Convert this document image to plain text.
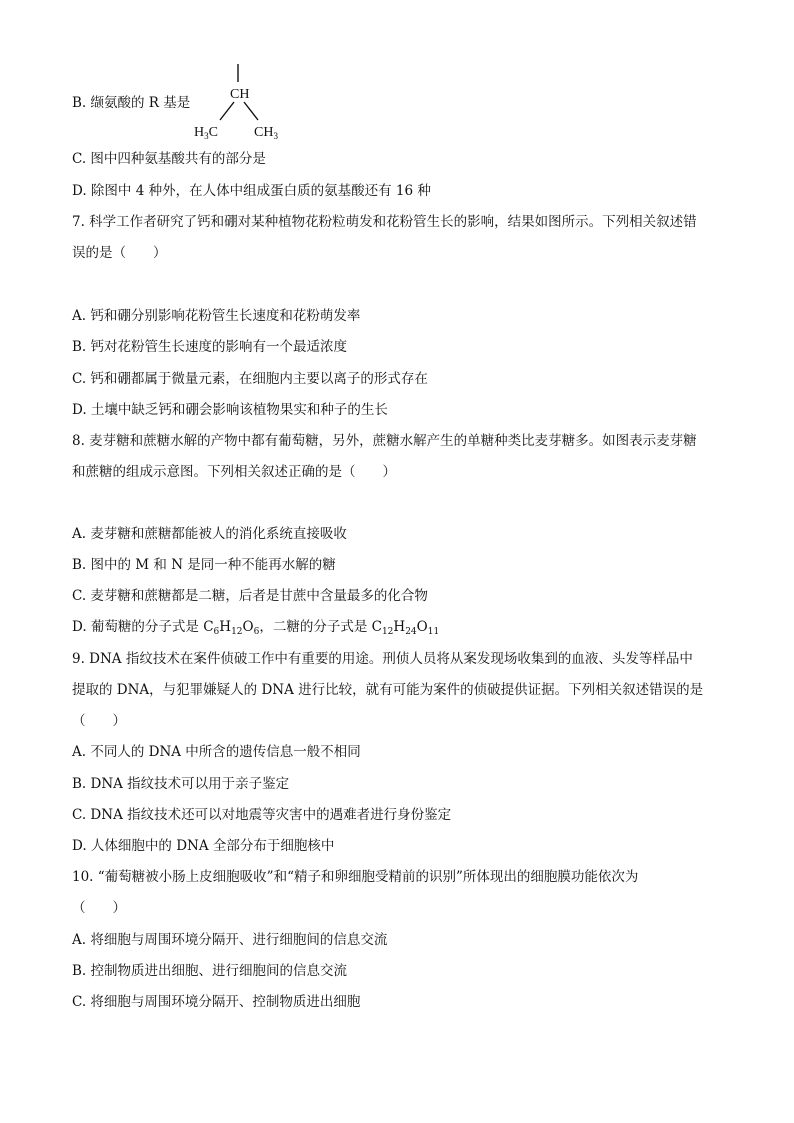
B. 缬氨酸的 R 基是
CH
$H_3C$	$CH_3$
C. 图中四种氨基酸共有的部分是
D. 除图中 4 种外，在人体中组成蛋白质的氨基酸还有 16 种
7. 科学工作者研究了钙和硼对某种植物花粉粒萌发和花粉管生长的影响，结果如图所示。下列相关叙述错
误的是（　　）
A. 钙和硼分别影响花粉管生长速度和花粉萌发率
B. 钙对花粉管生长速度的影响有一个最适浓度
C. 钙和硼都属于微量元素，在细胞内主要以离子的形式存在
D. 土壤中缺乏钙和硼会影响该植物果实和种子的生长
8. 麦芽糖和蔗糖水解的产物中都有葡萄糖，另外，蔗糖水解产生的单糖种类比麦芽糖多。如图表示麦芽糖
和蔗糖的组成示意图。下列相关叙述正确的是（　　）
A. 麦芽糖和蔗糖都能被人的消化系统直接吸收
B. 图中的 M 和 N 是同一种不能再水解的糖
C. 麦芽糖和蔗糖都是二糖，后者是甘蔗中含量最多的化合物
D. 葡萄糖的分子式是 $C_6H_{12}O_6$，二糖的分子式是 $C_{12}H_{24}O_{11}$
9. DNA 指纹技术在案件侦破工作中有重要的用途。刑侦人员将从案发现场收集到的血液、头发等样品中
提取的 DNA，与犯罪嫌疑人的 DNA 进行比较，就有可能为案件的侦破提供证据。下列相关叙述错误的是
（　　）
A. 不同人的 DNA 中所含的遗传信息一般不相同
B. DNA 指纹技术可以用于亲子鉴定
C. DNA 指纹技术还可以对地震等灾害中的遇难者进行身份鉴定
D. 人体细胞中的 DNA 全部分布于细胞核中
10. “葡萄糖被小肠上皮细胞吸收”和“精子和卵细胞受精前的识别”所体现出的细胞膜功能依次为
（　　）
A. 将细胞与周围环境分隔开、进行细胞间的信息交流
B. 控制物质进出细胞、进行细胞间的信息交流
C. 将细胞与周围环境分隔开、控制物质进出细胞
